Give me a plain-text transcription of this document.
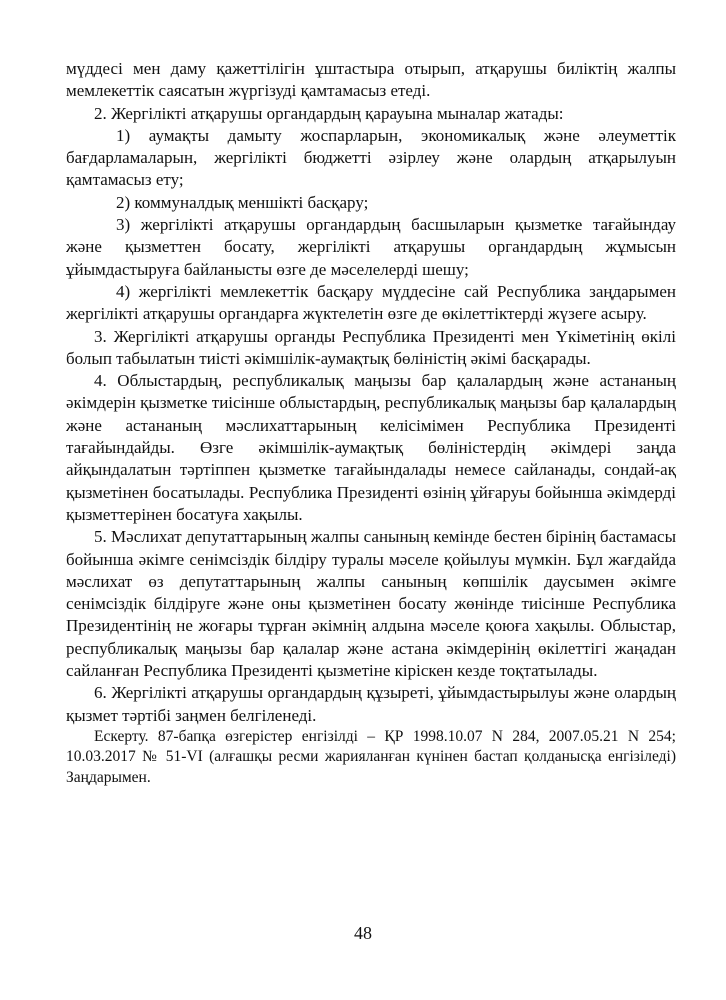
мүддесі мен даму қажеттілігін ұштастыра отырып, атқарушы биліктің жалпы мемлекеттік саясатын жүргізуді қамтамасыз етеді.

2. Жергілікті атқарушы органдардың қарауына мыналар жатады:

1) аумақты дамыту жоспарларын, экономикалық және әлеуметтік бағдарламаларын, жергілікті бюджетті әзірлеу және олардың атқарылуын қамтамасыз ету;

2) коммуналдық меншікті басқару;

3) жергілікті атқарушы органдардың басшыларын қызметке тағайындау және қызметтен босату, жергілікті атқарушы органдардың жұмысын ұйымдастыруға байланысты өзге де мәселелерді шешу;

4) жергілікті мемлекеттік басқару мүддесіне сай Республика заңдарымен жергілікті атқарушы органдарға жүктелетін өзге де өкілеттіктерді жүзеге асыру.

3. Жергілікті атқарушы органды Республика Президенті мен Үкіметінің өкілі болып табылатын тиісті әкімшілік-аумақтық бөліністің әкімі басқарады.

4. Облыстардың, республикалық маңызы бар қалалардың және астананың әкімдерін қызметке тиісінше облыстардың, республикалық маңызы бар қалалардың және астананың мәслихаттарының келісімімен Республика Президенті тағайындайды. Өзге әкімшілік-аумақтық бөліністердің әкімдері заңда айқындалатын тәртіппен қызметке тағайындалады немесе сайланады, сондай-ақ қызметінен босатылады. Республика Президенті өзінің ұйғаруы бойынша әкімдерді қызметтерінен босатуға хақылы.

5. Мәслихат депутаттарының жалпы санының кемінде бестен бірінің бастамасы бойынша әкімге сенімсіздік білдіру туралы мәселе қойылуы мүмкін. Бұл жағдайда мәслихат өз депутаттарының жалпы санының көпшілік даусымен әкімге сенімсіздік білдіруге және оны қызметінен босату жөнінде тиісінше Республика Президентінің не жоғары тұрған әкімнің алдына мәселе қоюға хақылы. Облыстар, республикалық маңызы бар қалалар және астана әкімдерінің өкілеттігі жаңадан сайланған Республика Президенті қызметіне кіріскен кезде тоқтатылады.

6. Жергілікті атқарушы органдардың құзыреті, ұйымдастырылуы және олардың қызмет тәртібі заңмен белгіленеді.

Ескерту. 87-бапқа өзгерістер енгізілді – ҚР 1998.10.07 N 284, 2007.05.21 N 254; 10.03.2017 № 51-VI (алғашқы ресми жарияланған күнінен бастап қолданысқа енгізіледі) Заңдарымен.

48
